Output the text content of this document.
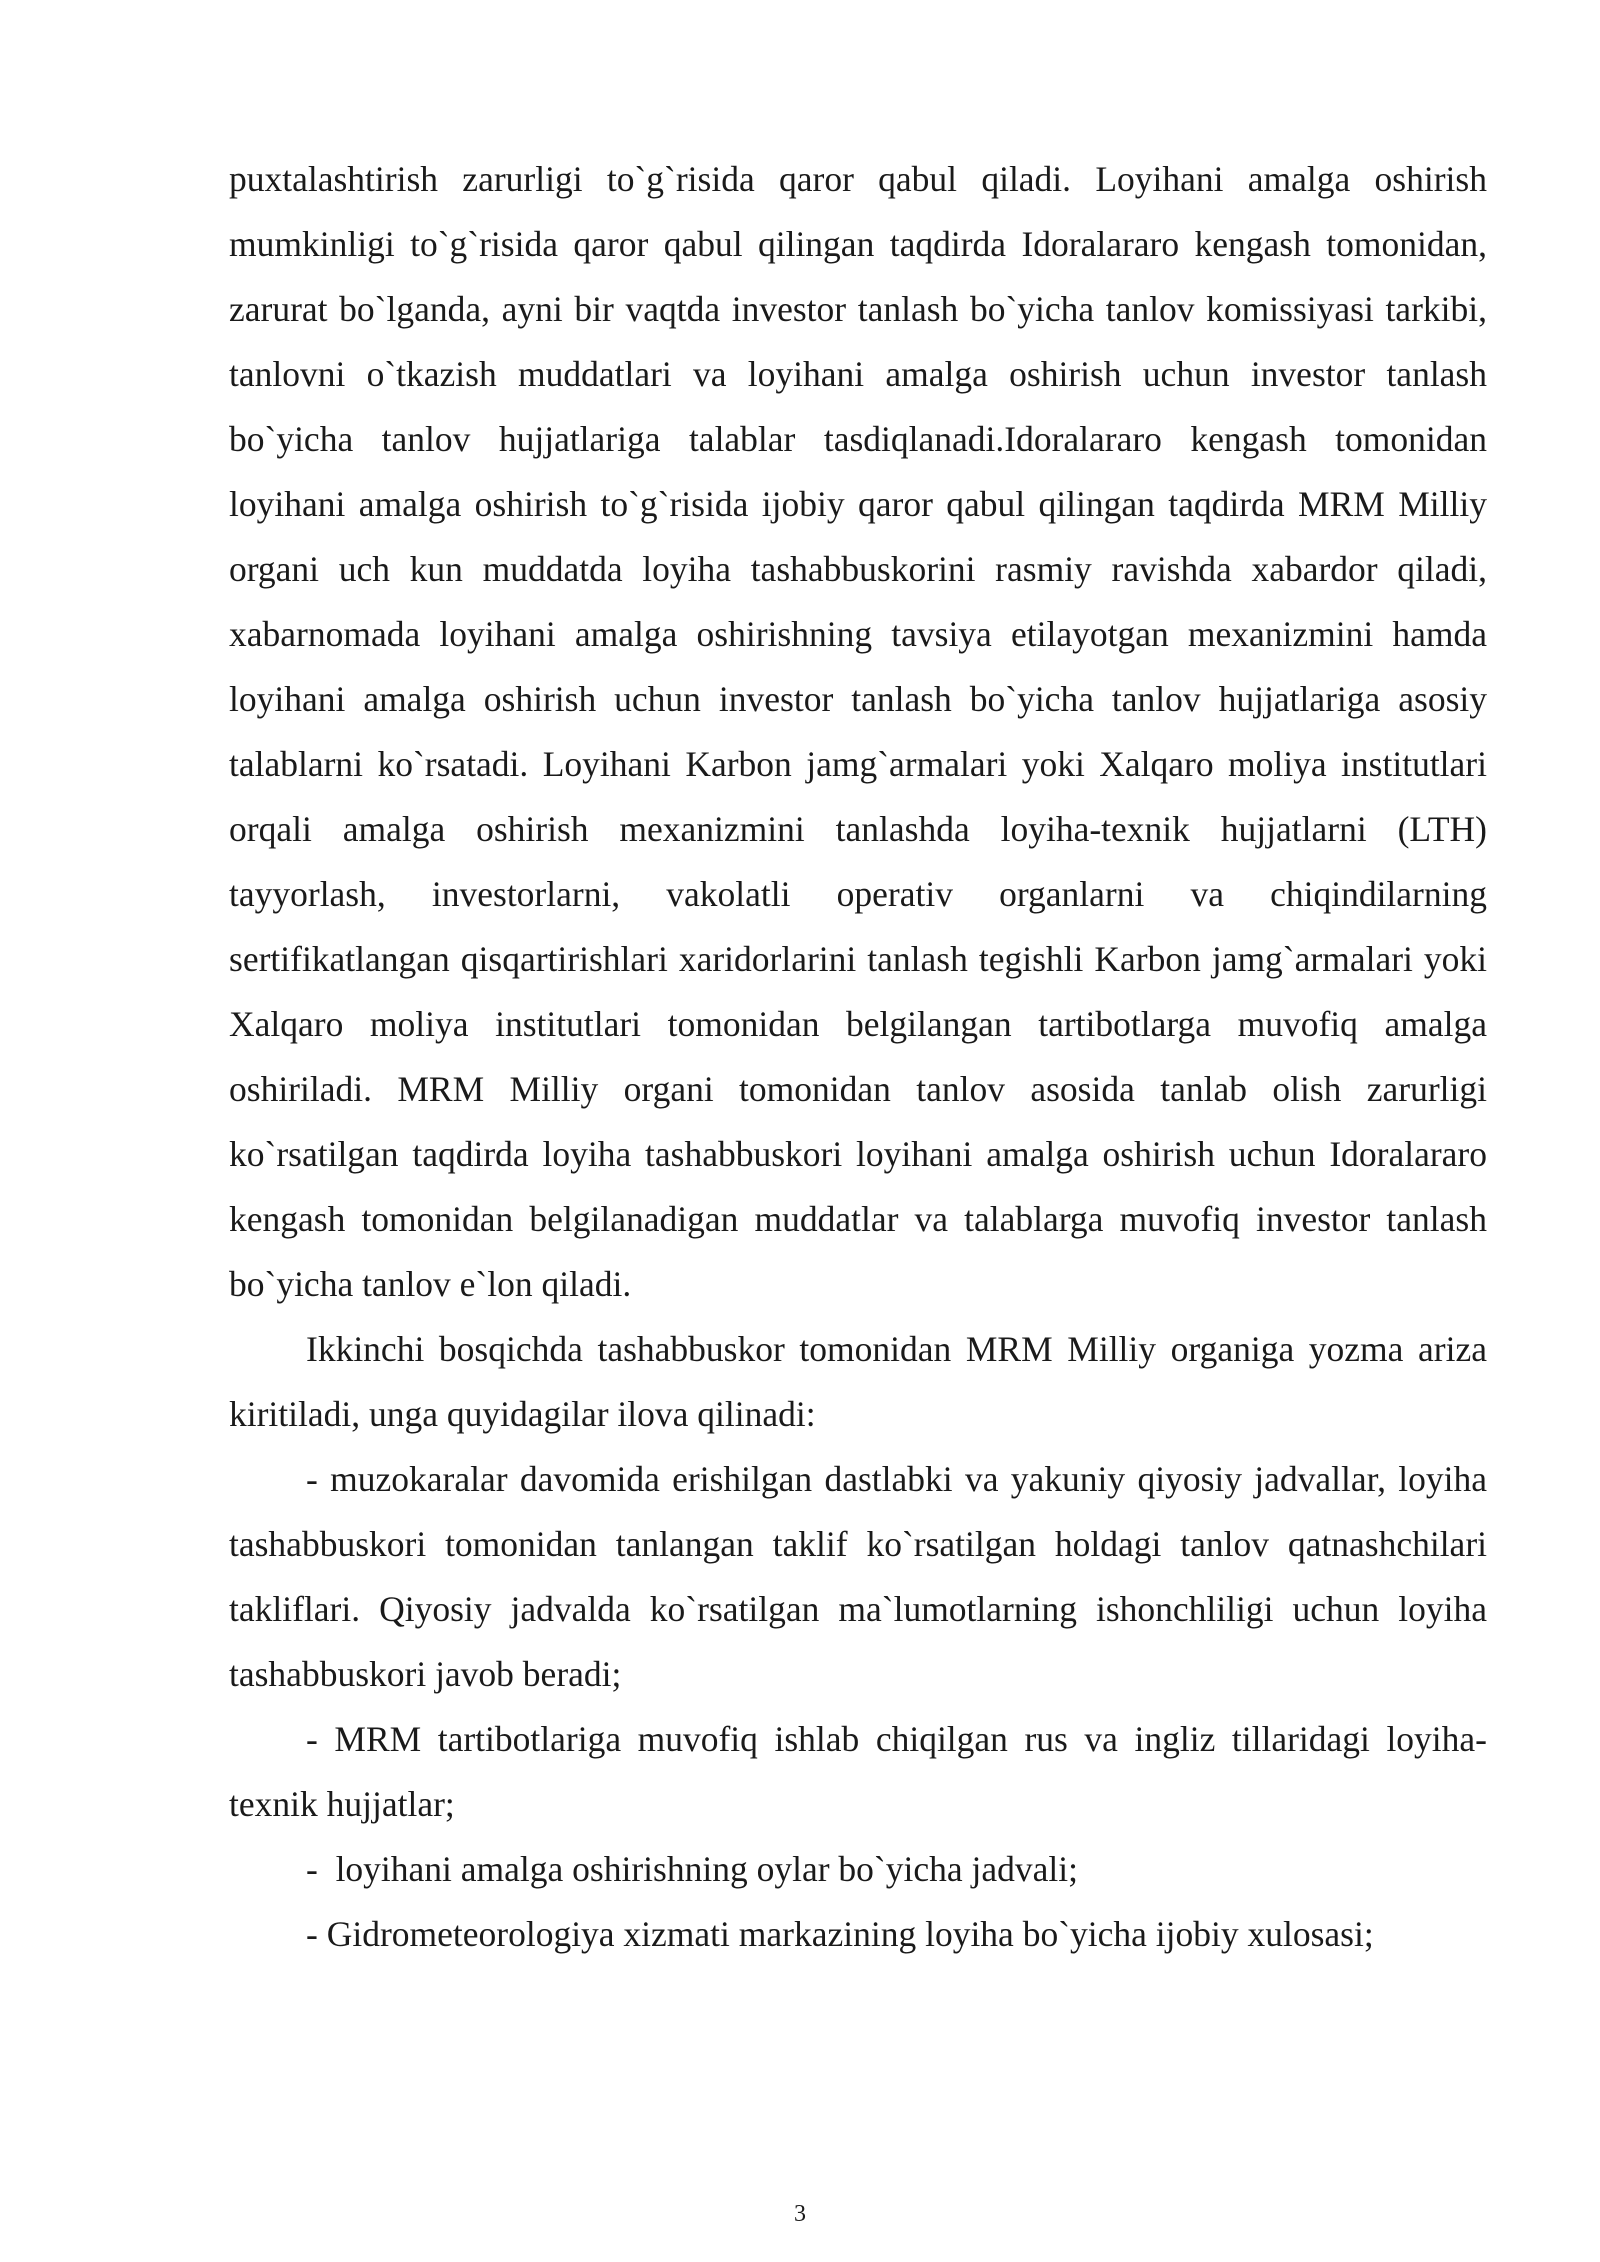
puxtalashtirish zarurligi to`g`risida qaror qabul qiladi. Loyihani amalga oshirish mumkinligi to`g`risida qaror qabul qilingan taqdirda Idoralararo kengash tomonidan, zarurat bo`lganda, ayni bir vaqtda investor tanlash bo`yicha tanlov komissiyasi tarkibi, tanlovni o`tkazish muddatlari va loyihani amalga oshirish uchun investor tanlash bo`yicha tanlov hujjatlariga talablar tasdiqlanadi.Idoralararo kengash tomonidan loyihani amalga oshirish to`g`risida ijobiy qaror qabul qilingan taqdirda MRM Milliy organi uch kun muddatda loyiha tashabbuskorini rasmiy ravishda xabardor qiladi, xabarnomada loyihani amalga oshirishning tavsiya etilayotgan mexanizmini hamda loyihani amalga oshirish uchun investor tanlash bo`yicha tanlov hujjatlariga asosiy talablarni ko`rsatadi. Loyihani Karbon jamg`armalari yoki Xalqaro moliya institutlari orqali amalga oshirish mexanizmini tanlashda loyiha-texnik hujjatlarni (LTH) tayyorlash, investorlarni, vakolatli operativ organlarni va chiqindilarning sertifikatlangan qisqartirishlari xaridorlarini tanlash tegishli Karbon jamg`armalari yoki Xalqaro moliya institutlari tomonidan belgilangan tartibotlarga muvofiq amalga oshiriladi. MRM Milliy organi tomonidan tanlov asosida tanlab olish zarurligi ko`rsatilgan taqdirda loyiha tashabbuskori loyihani amalga oshirish uchun Idoralararo kengash tomonidan belgilanadigan muddatlar va talablarga muvofiq investor tanlash bo`yicha tanlov e`lon qiladi.

Ikkinchi bosqichda tashabbuskor tomonidan MRM Milliy organiga yozma ariza kiritiladi, unga quyidagilar ilova qilinadi:

- muzokaralar davomida erishilgan dastlabki va yakuniy qiyosiy jadvallar, loyiha tashabbuskori tomonidan tanlangan taklif ko`rsatilgan holdagi tanlov qatnashchilari takliflari. Qiyosiy jadvalda ko`rsatilgan ma`lumotlarning ishonchliligi uchun loyiha tashabbuskori javob beradi;

- MRM tartibotlariga muvofiq ishlab chiqilgan rus va ingliz tillaridagi loyiha-texnik hujjatlar;

-  loyihani amalga oshirishning oylar bo`yicha jadvali;

- Gidrometeorologiya xizmati markazining loyiha bo`yicha ijobiy xulosasi;

3
